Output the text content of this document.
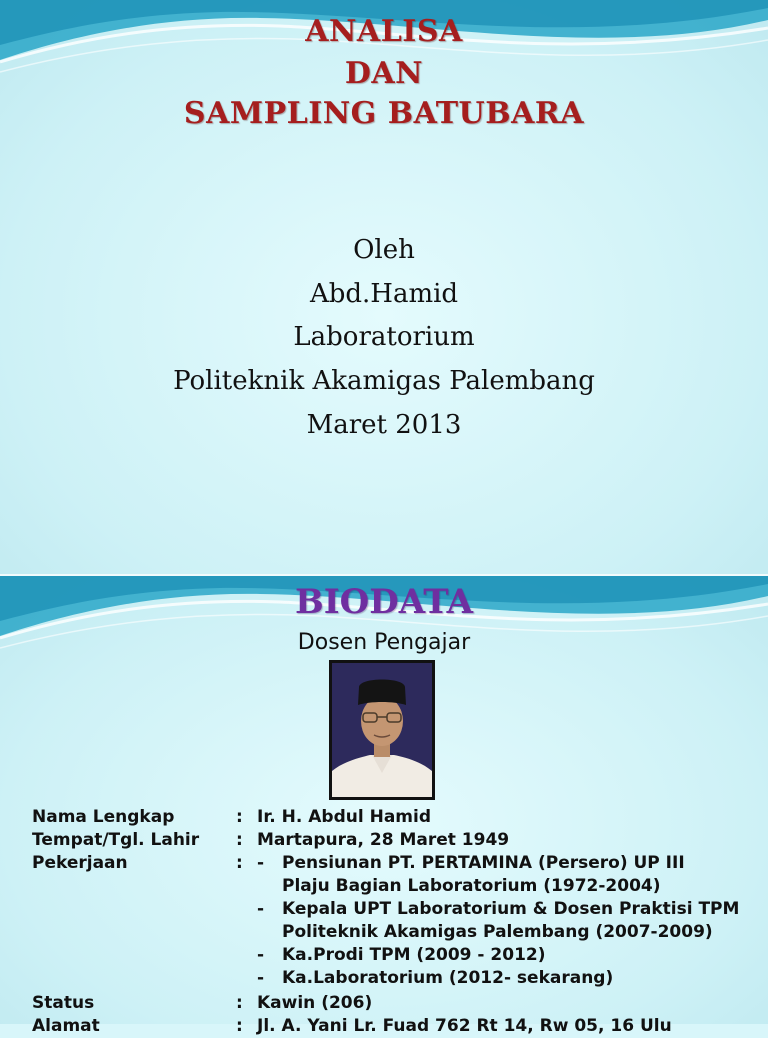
ANALISA
DAN
SAMPLING BATUBARA
Oleh
Abd.Hamid
Laboratorium
Politeknik Akamigas Palembang
Maret 2013
BIODATA
Dosen Pengajar
Nama Lengkap	: Ir. H. Abdul Hamid
Tempat/Tgl. Lahir : Martapura, 28 Maret 1949
Pekerjaan	: - Pensiunan PT. PERTAMINA (Persero) UP III
Plaju Bagian Laboratorium (1972-2004)
- Kepala UPT Laboratorium & Dosen Praktisi TPM
Politeknik Akamigas Palembang (2007-2009)
- Ka.Prodi TPM (2009 - 2012)
- Ka.Laboratorium (2012- sekarang)
Status	: Kawin (206)
Alamat	: Jl. A. Yani Lr. Fuad 762 Rt 14, Rw 05, 16 Ulu
